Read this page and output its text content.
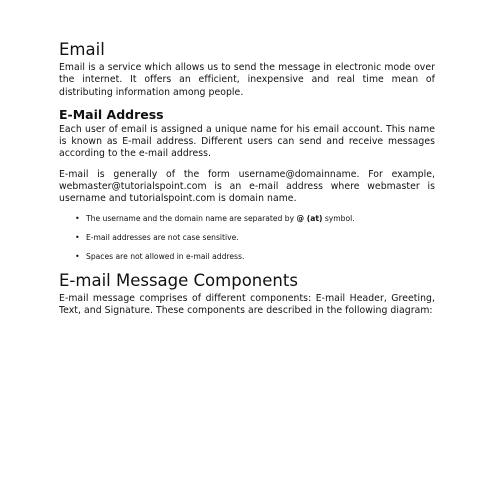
Email

Email is a service which allows us to send the message in electronic mode over the internet. It offers an efficient, inexpensive and real time mean of distributing information among people.

E-Mail Address

Each user of email is assigned a unique name for his email account. This name is known as E-mail address. Different users can send and receive messages according to the e-mail address.

E-mail is generally of the form username@domainname. For example, webmaster@tutorialspoint.com is an e-mail address where webmaster is username and tutorialspoint.com is domain name.

• The username and the domain name are separated by @ (at) symbol.
• E-mail addresses are not case sensitive.
• Spaces are not allowed in e-mail address.
E-mail Message Components

E-mail message comprises of different components: E-mail Header, Greeting, Text, and Signature. These components are described in the following diagram:
